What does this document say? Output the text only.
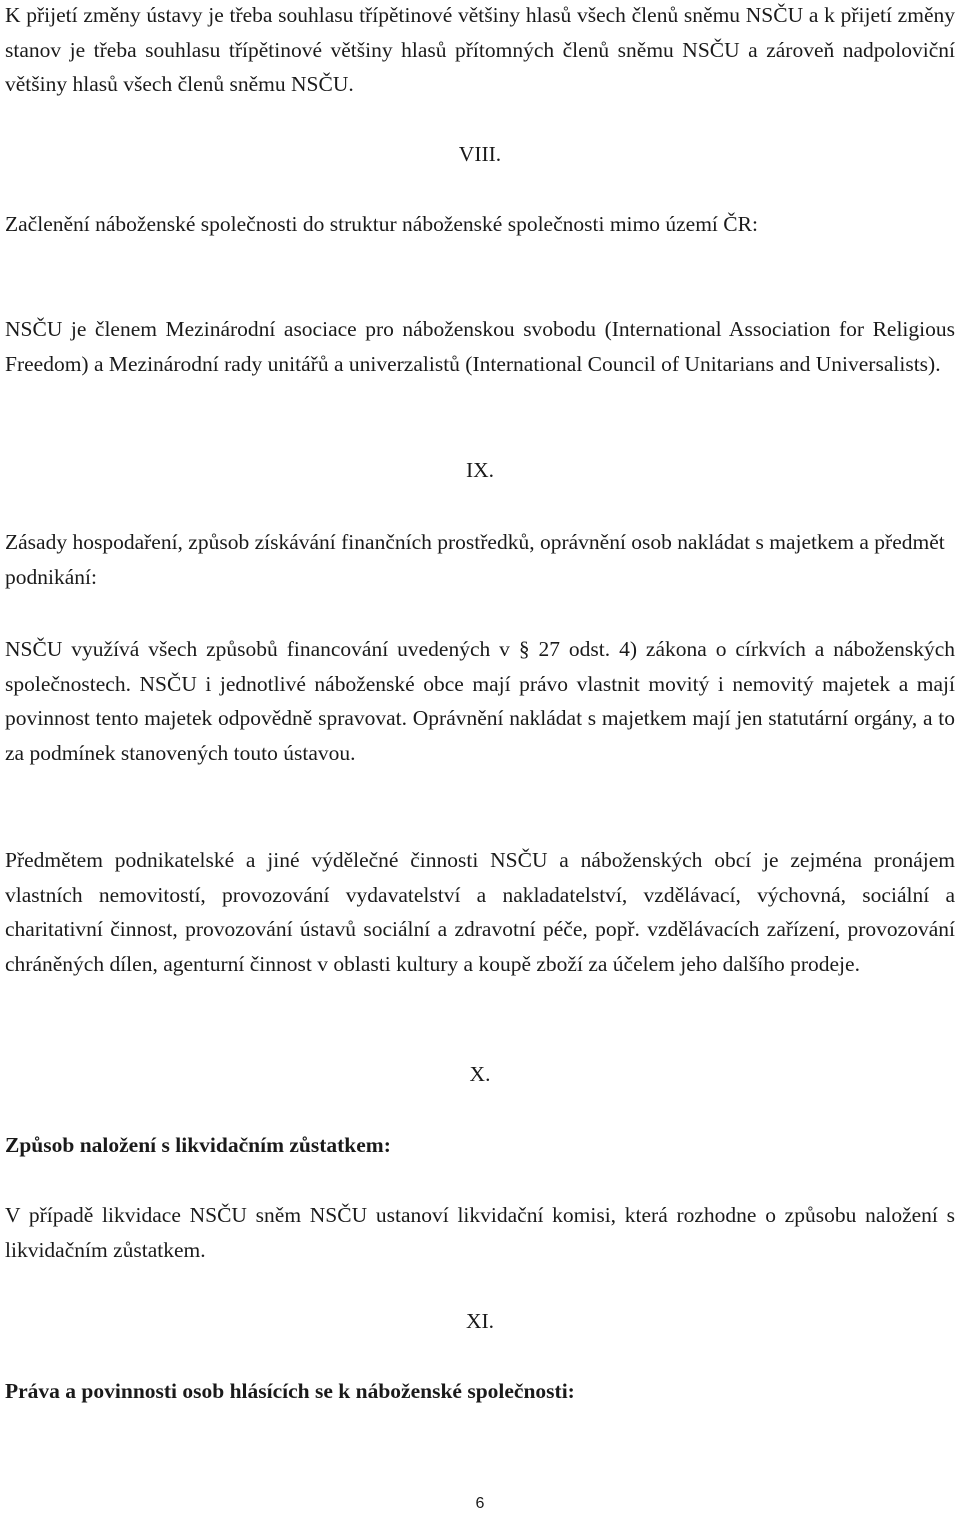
K přijetí změny ústavy je třeba souhlasu třípětinové většiny hlasů všech členů sněmu NSČU a k přijetí změny stanov je třeba souhlasu třípětinové většiny hlasů přítomných členů sněmu NSČU a zároveň nadpoloviční většiny hlasů všech členů sněmu NSČU.

VIII.

Začlenění náboženské společnosti do struktur náboženské společnosti mimo území ČR:

NSČU je členem Mezinárodní asociace pro náboženskou svobodu (International Association for Religious Freedom) a Mezinárodní rady unitářů a univerzalistů (International Council of Unitarians and Universalists).

IX.

Zásady hospodaření, způsob získávání finančních prostředků, oprávnění osob nakládat s majetkem a předmět podnikání:

NSČU využívá všech způsobů financování uvedených v § 27 odst. 4) zákona o církvích a náboženských společnostech. NSČU i jednotlivé náboženské obce mají právo vlastnit movitý i nemovitý majetek a mají povinnost tento majetek odpovědně spravovat. Oprávnění nakládat s majetkem mají jen statutární orgány, a to za podmínek stanovených touto ústavou.

Předmětem podnikatelské a jiné výdělečné činnosti NSČU a náboženských obcí je zejména pronájem vlastních nemovitostí, provozování vydavatelství a nakladatelství, vzdělávací, výchovná, sociální a charitativní činnost, provozování ústavů sociální a zdravotní péče, popř. vzdělávacích zařízení, provozování chráněných dílen, agenturní činnost v oblasti kultury a koupě zboží za účelem jeho dalšího prodeje.

X.

Způsob naložení s likvidačním zůstatkem:

V případě likvidace NSČU sněm NSČU ustanoví likvidační komisi, která rozhodne o způsobu naložení s likvidačním zůstatkem.

XI.

Práva a povinnosti osob hlásících se k náboženské společnosti:

6
